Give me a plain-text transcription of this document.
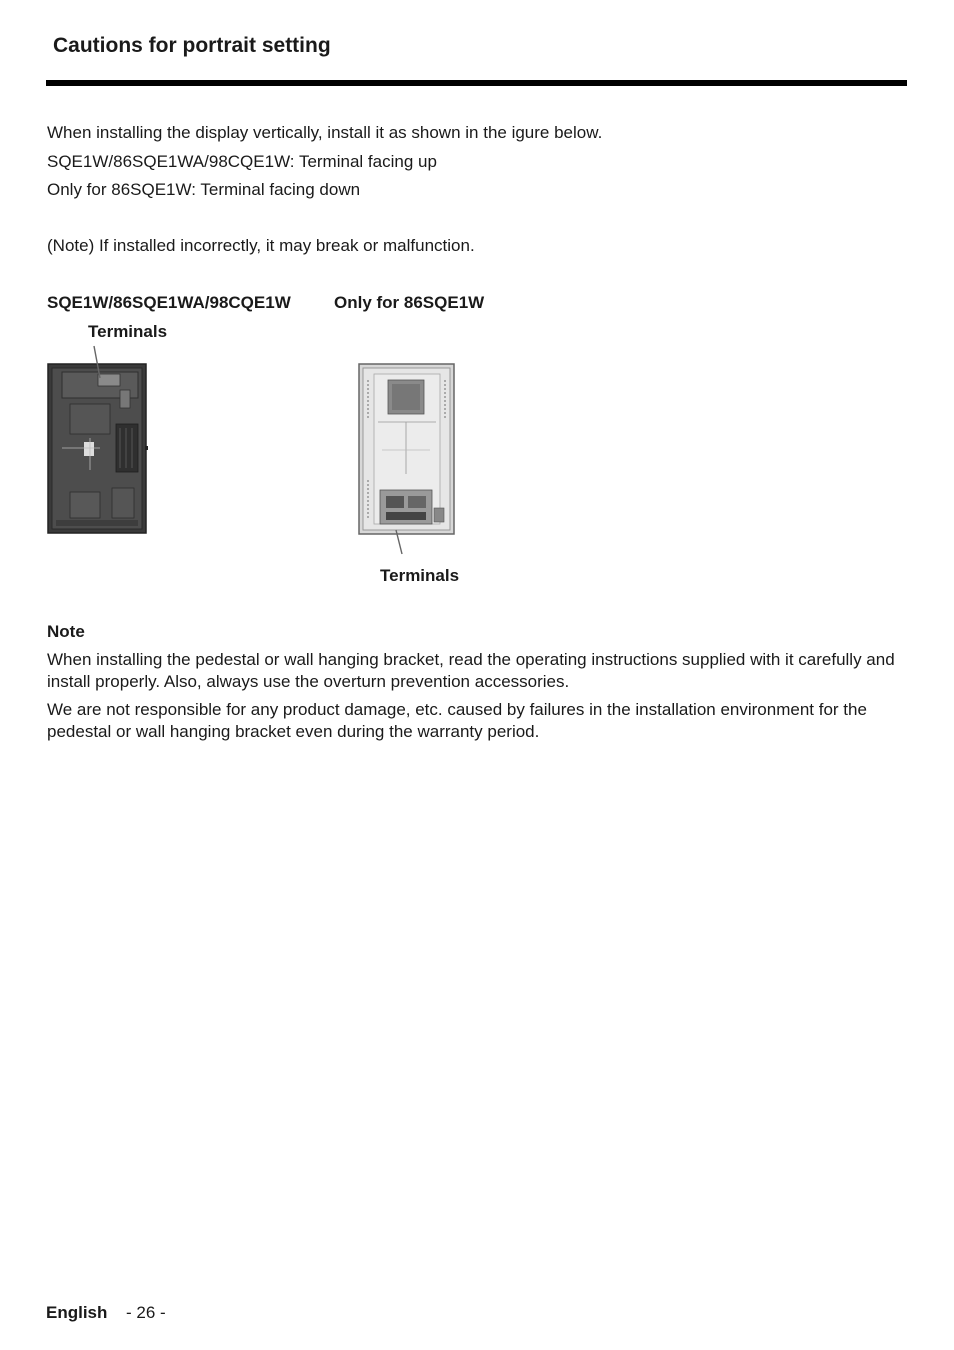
Cautions for portrait setting
When installing the display vertically, install it as shown in the igure below.
SQE1W/86SQE1WA/98CQE1W: Terminal facing up
Only for 86SQE1W: Terminal facing down
(Note) If installed incorrectly, it may break or malfunction.
SQE1W/86SQE1WA/98CQE1W	Only for 86SQE1W
Terminals
Terminals
Note
When installing the pedestal or wall hanging bracket, read the operating instructions supplied with it carefully and install properly. Also, always use the overturn prevention accessories.
We are not responsible for any product damage, etc. caused by failures in the installation environment for the pedestal or wall hanging bracket even during the warranty period.
English - 26 -
